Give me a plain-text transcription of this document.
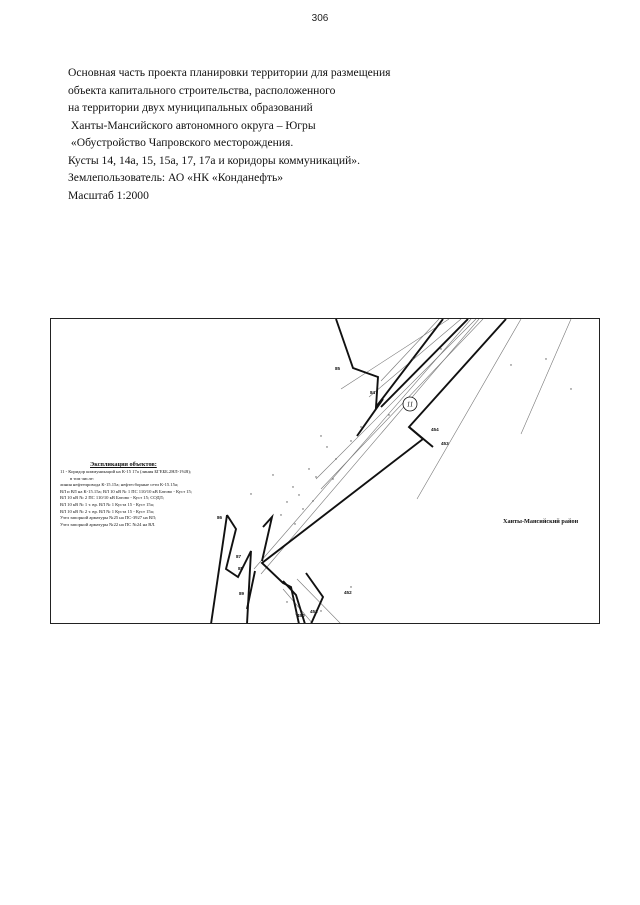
306
Основная часть проекта планировки территории для размещения
объекта капитального строительства, расположенного
на территории двух муниципальных образований
Ханты-Мансийского автономного округа – Югры
«Обустройство Чапровского месторождения.
Кусты 14, 14а, 15, 15а, 17, 17а и коридоры коммуникаций».
Землепользователь: АО «НК «Конданефть»
Масштаб 1:2000
11
85
84
454
453
86
87
88
89	452
451
450
Экспликация объектов:
11 - Коридор коммуникаций на К-15 17а (линия БГЕББ.2НЛ-1%В);
в том числе:
линия нефтепровода К-15.15а; нефтесборные сети К-15.15а;
ВЛ и ВЛ на К-15.15а; ВЛ 10 кВ № 1 ПС 110/10 кВ Батово - Куст 15;
ВЛ 10 кВ № 2 ПС 110/10 кВ Батово - Куст 15; СОДЛ;
ВЛ 10 кВ № 1 т. вр. ВЛ № 1 Куста 15 - Куст 15а;
ВЛ 10 кВ № 2 т. вр. ВЛ № 1 Куста 15 - Куст 15а;
Узел запорной арматуры №25 на ПС-3927 на ВЛ;
Узел запорной арматуры №22 на ПС №24 на ВЛ.	Ханты-Мансийский район
